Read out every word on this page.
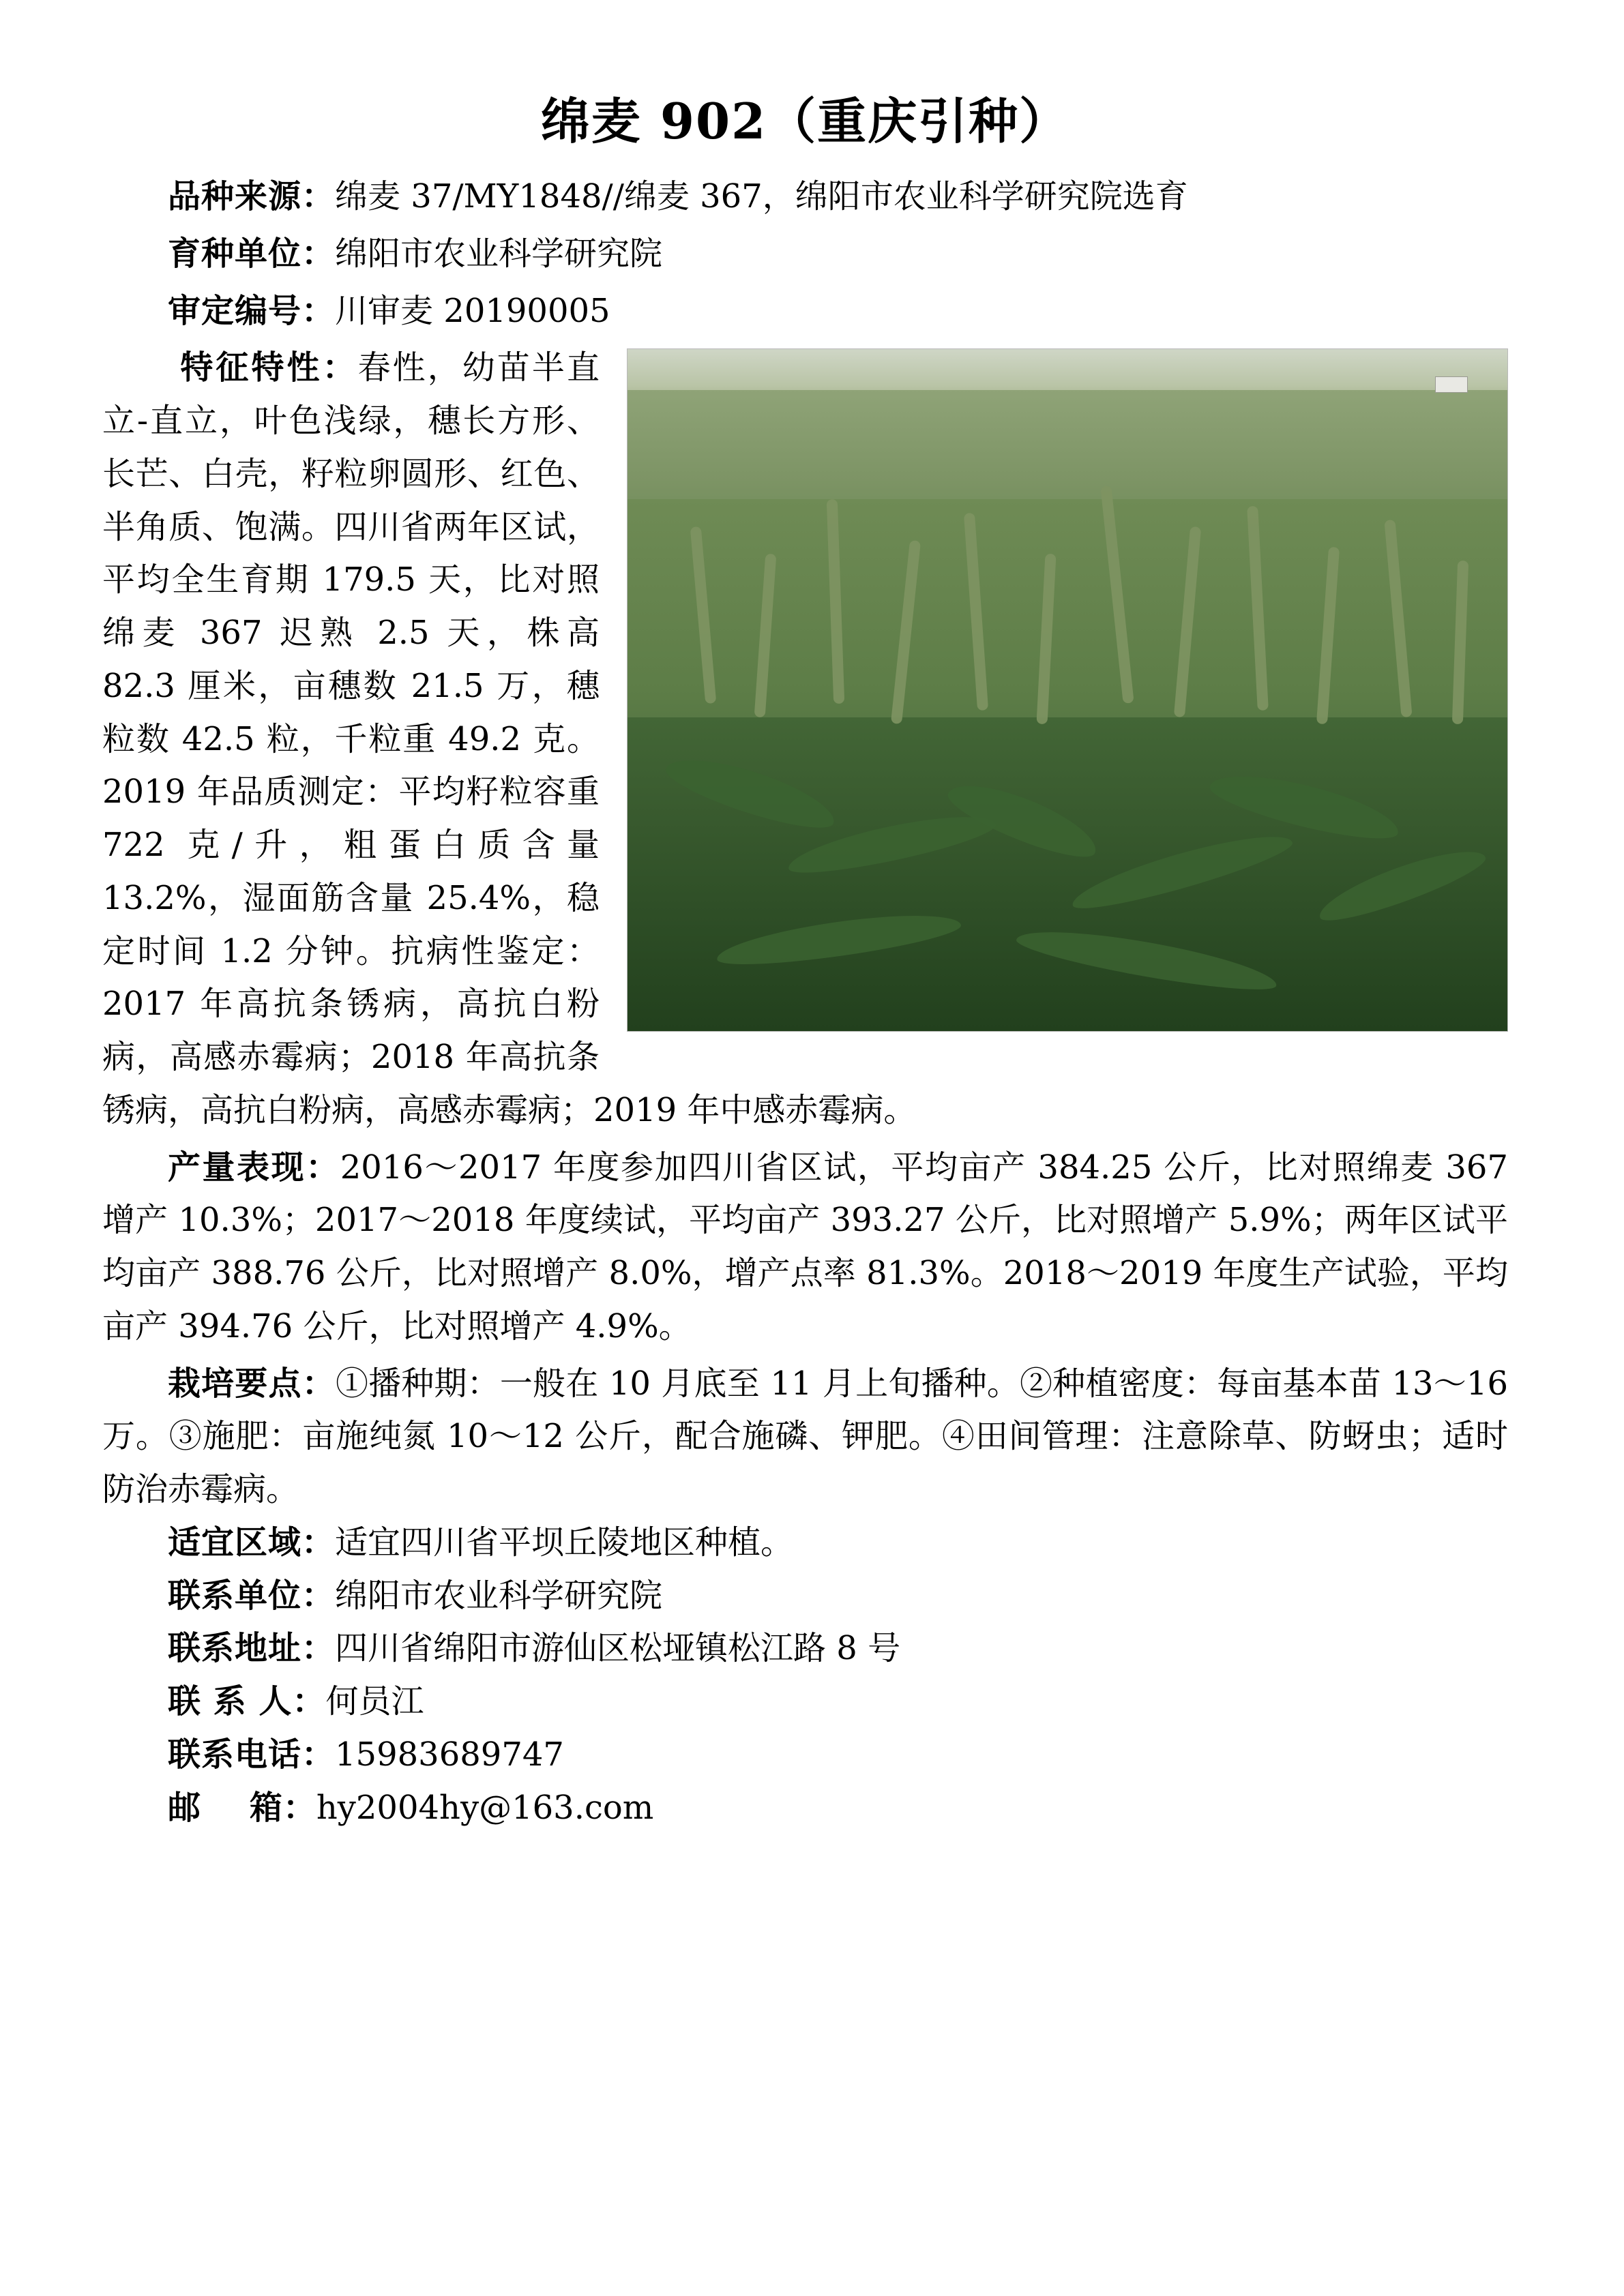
绵麦 902（重庆引种）

品种来源：绵麦 37/MY1848//绵麦 367，绵阳市农业科学研究院选育

育种单位：绵阳市农业科学研究院

审定编号：川审麦 20190005

特征特性：春性，幼苗半直立-直立，叶色浅绿，穗长方形、长芒、白壳，籽粒卵圆形、红色、半角质、饱满。四川省两年区试，平均全生育期 179.5 天，比对照绵麦 367 迟熟 2.5 天，株高 82.3 厘米，亩穗数 21.5 万，穗粒数 42.5 粒，千粒重 49.2 克。2019 年品质测定：平均籽粒容重 722 克/升，粗蛋白质含量 13.2%，湿面筋含量 25.4%，稳定时间 1.2 分钟。抗病性鉴定：2017 年高抗条锈病，高抗白粉病，高感赤霉病；2018 年高抗条锈病，高抗白粉病，高感赤霉病；2019 年中感赤霉病。

产量表现：2016～2017 年度参加四川省区试，平均亩产 384.25 公斤，比对照绵麦 367 增产 10.3%；2017～2018 年度续试，平均亩产 393.27 公斤，比对照增产 5.9%；两年区试平均亩产 388.76 公斤，比对照增产 8.0%，增产点率 81.3%。2018～2019 年度生产试验，平均亩产 394.76 公斤，比对照增产 4.9%。

栽培要点：①播种期：一般在 10 月底至 11 月上旬播种。②种植密度：每亩基本苗 13～16 万。③施肥：亩施纯氮 10～12 公斤，配合施磷、钾肥。④田间管理：注意除草、防蚜虫；适时防治赤霉病。

适宜区域：适宜四川省平坝丘陵地区种植。

联系单位：绵阳市农业科学研究院

联系地址：四川省绵阳市游仙区松垭镇松江路 8 号

联 系 人：何员江

联系电话：15983689747

邮    箱：hy2004hy@163.com
